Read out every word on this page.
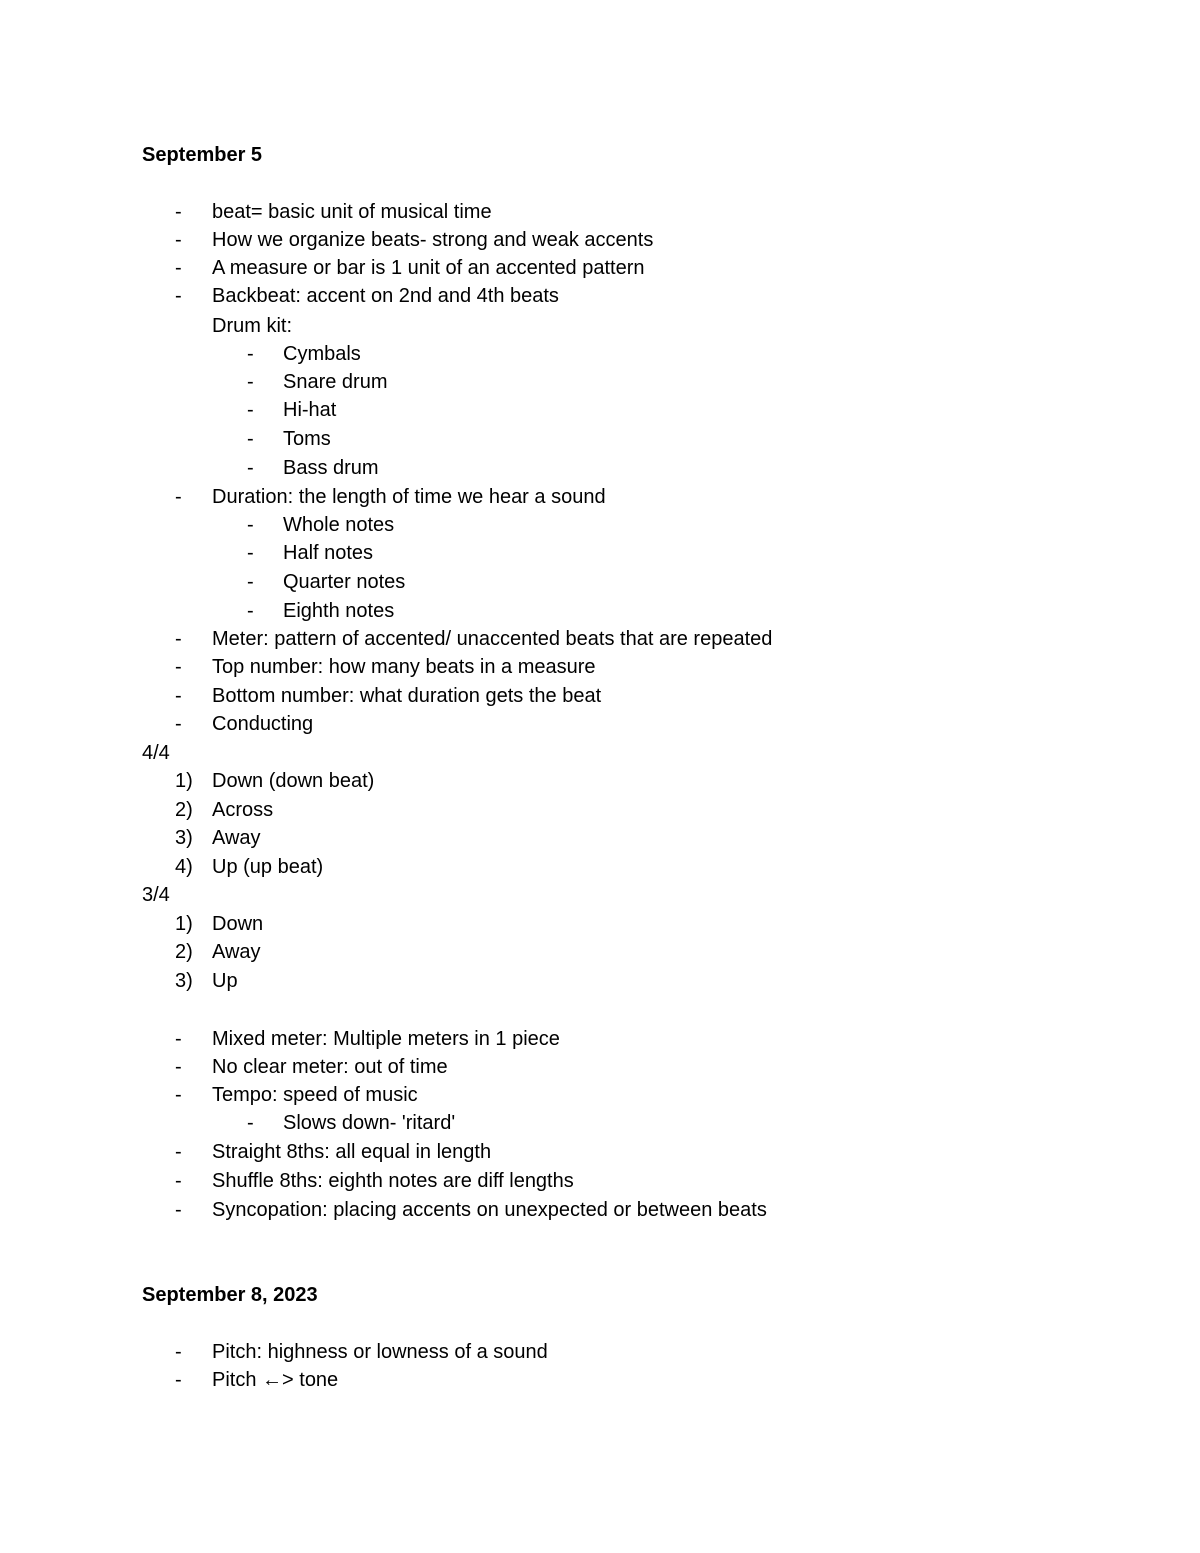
September 5
- beat= basic unit of musical time
- How we organize beats- strong and weak accents
- A measure or bar is 1 unit of an accented pattern
- Backbeat: accent on 2nd and 4th beats
Drum kit:
- Cymbals
- Snare drum
- Hi-hat
- Toms
- Bass drum
- Duration: the length of time we hear a sound
- Whole notes
- Half notes
- Quarter notes
- Eighth notes
- Meter: pattern of accented/ unaccented beats that are repeated
- Top number: how many beats in a measure
- Bottom number: what duration gets the beat
- Conducting
4/4
1) Down (down beat)
2) Across
3) Away
4) Up (up beat)
3/4
1) Down
2) Away
3) Up
- Mixed meter: Multiple meters in 1 piece
- No clear meter: out of time
- Tempo: speed of music
- Slows down- 'ritard'
- Straight 8ths: all equal in length
- Shuffle 8ths: eighth notes are diff lengths
- Syncopation: placing accents on unexpected or between beats
September 8, 2023
- Pitch: highness or lowness of a sound
- Pitch ←> tone
